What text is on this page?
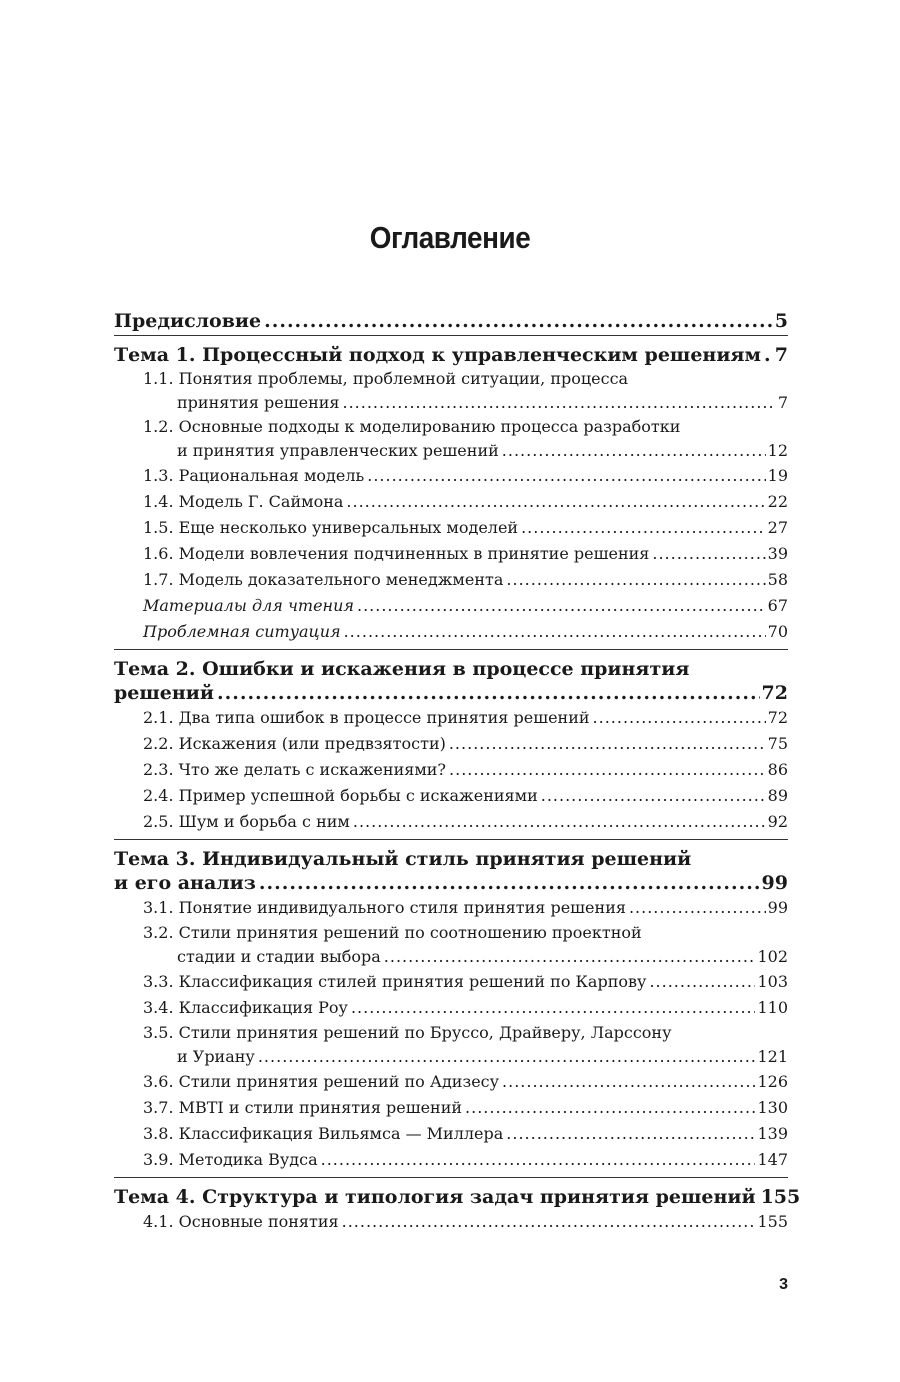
Оглавление
Предисловие .....	5
Тема 1. Процессный подход к управленческим решениям ..... 7
1.1. Понятия проблемы, проблемной ситуации, процесса
принятия решения .....	7
1.2. Основные подходы к моделированию процесса разработки
и принятия управленческих решений .....	12
1.3. Рациональная модель .....	19
1.4. Модель Г. Саймона .....	22
1.5. Еще несколько универсальных моделей .....	27
1.6. Модели вовлечения подчиненных в принятие решения .....	39
1.7. Модель доказательного менеджмента .....	58
Материалы для чтения .....	67
Проблемная ситуация .....	70
Тема 2. Ошибки и искажения в процессе принятия
решений .....	72
2.1. Два типа ошибок в процессе принятия решений .....	72
2.2. Искажения (или предвзятости) .....	75
2.3. Что же делать с искажениями? .....	86
2.4. Пример успешной борьбы с искажениями .....	89
2.5. Шум и борьба с ним .....	92
Тема 3. Индивидуальный стиль принятия решений
и его анализ .....	99
3.1. Понятие индивидуального стиля принятия решения .....	99
3.2. Стили принятия решений по соотношению проектной
стадии и стадии выбора .....	102
3.3. Классификация стилей принятия решений по Карпову .....	103
3.4. Классификация Роу .....	110
3.5. Стили принятия решений по Бруссо, Драйверу, Ларссону
и Уриану .....	121
3.6. Стили принятия решений по Адизесу .....	126
3.7. MBTI и стили принятия решений .....	130
3.8. Классификация Вильямса — Миллера .....	139
3.9. Методика Вудса .....	147
Тема 4. Структура и типология задач принятия решений 155
4.1. Основные понятия .....	155
3
